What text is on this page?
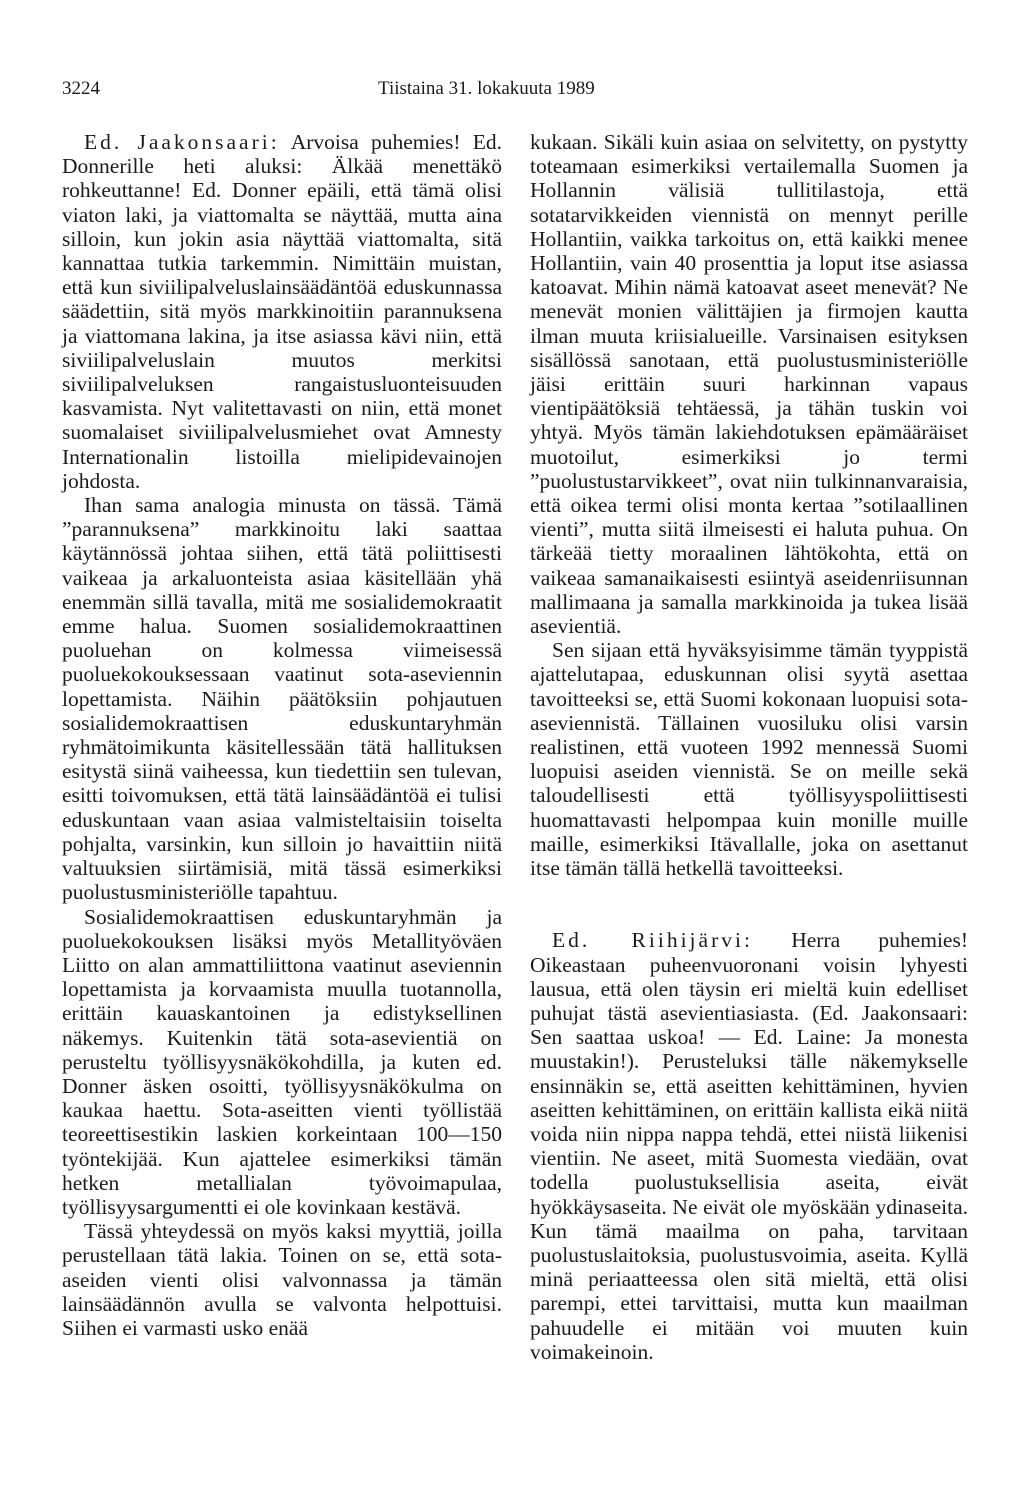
3224	Tiistaina 31. lokakuuta 1989

Ed. Jaakonsaari: Arvoisa puhemies! Ed. Donnerille heti aluksi: Älkää menettäkö rohkeuttanne! Ed. Donner epäili, että tämä olisi viaton laki, ja viattomalta se näyttää, mutta aina silloin, kun jokin asia näyttää viattomalta, sitä kannattaa tutkia tarkemmin. Nimittäin muistan, että kun siviilipalveluslainsäädäntöä eduskunnassa säädettiin, sitä myös markkinoitiin parannuksena ja viattomana lakina, ja itse asiassa kävi niin, että siviilipalveluslain muutos merkitsi siviilipalveluksen rangaistusluonteisuuden kasvamista. Nyt valitettavasti on niin, että monet suomalaiset siviilipalvelusmiehet ovat Amnesty Internationalin listoilla mielipidevainojen johdosta.

Ihan sama analogia minusta on tässä. Tämä ”parannuksena” markkinoitu laki saattaa käytännössä johtaa siihen, että tätä poliittisesti vaikeaa ja arkaluonteista asiaa käsitellään yhä enemmän sillä tavalla, mitä me sosialidemokraatit emme halua. Suomen sosialidemokraattinen puoluehan on kolmessa viimeisessä puoluekokouksessaan vaatinut sota-aseviennin lopettamista. Näihin päätöksiin pohjautuen sosialidemokraattisen eduskuntaryhmän ryhmätoimikunta käsitellessään tätä hallituksen esitystä siinä vaiheessa, kun tiedettiin sen tulevan, esitti toivomuksen, että tätä lainsäädäntöä ei tulisi eduskuntaan vaan asiaa valmisteltaisiin toiselta pohjalta, varsinkin, kun silloin jo havaittiin niitä valtuuksien siirtämisiä, mitä tässä esimerkiksi puolustusministeriölle tapahtuu.

Sosialidemokraattisen eduskuntaryhmän ja puoluekokouksen lisäksi myös Metallityöväen Liitto on alan ammattiliittona vaatinut aseviennin lopettamista ja korvaamista muulla tuotannolla, erittäin kauaskantoinen ja edistyksellinen näkemys. Kuitenkin tätä sota-asevientiä on perusteltu työllisyysnäkökohdilla, ja kuten ed. Donner äsken osoitti, työllisyysnäkökulma on kaukaa haettu. Sota-aseitten vienti työllistää teoreettisestikin laskien korkeintaan 100—150 työntekijää. Kun ajattelee esimerkiksi tämän hetken metallialan työvoimapulaa, työllisyysargumentti ei ole kovinkaan kestävä.

Tässä yhteydessä on myös kaksi myyttiä, joilla perustellaan tätä lakia. Toinen on se, että sota-aseiden vienti olisi valvonnassa ja tämän lainsäädännön avulla se valvonta helpottuisi. Siihen ei varmasti usko enää

kukaan. Sikäli kuin asiaa on selvitetty, on pystytty toteamaan esimerkiksi vertailemalla Suomen ja Hollannin välisiä tullitilastoja, että sotatarvikkeiden viennistä on mennyt perille Hollantiin, vaikka tarkoitus on, että kaikki menee Hollantiin, vain 40 prosenttia ja loput itse asiassa katoavat. Mihin nämä katoavat aseet menevät? Ne menevät monien välittäjien ja firmojen kautta ilman muuta kriisialueille. Varsinaisen esityksen sisällössä sanotaan, että puolustusministeriölle jäisi erittäin suuri harkinnan vapaus vientipäätöksiä tehtäessä, ja tähän tuskin voi yhtyä. Myös tämän lakiehdotuksen epämääräiset muotoilut, esimerkiksi jo termi ”puolustustarvikkeet”, ovat niin tulkinnanvaraisia, että oikea termi olisi monta kertaa ”sotilaallinen vienti”, mutta siitä ilmeisesti ei haluta puhua. On tärkeää tietty moraalinen lähtökohta, että on vaikeaa samanaikaisesti esiintyä aseidenriisunnan mallimaana ja samalla markkinoida ja tukea lisää asevientiä.

Sen sijaan että hyväksyisimme tämän tyyppistä ajattelutapaa, eduskunnan olisi syytä asettaa tavoitteeksi se, että Suomi kokonaan luopuisi sota-aseviennistä. Tällainen vuosiluku olisi varsin realistinen, että vuoteen 1992 mennessä Suomi luopuisi aseiden viennistä. Se on meille sekä taloudellisesti että työllisyyspoliittisesti huomattavasti helpompaa kuin monille muille maille, esimerkiksi Itävallalle, joka on asettanut itse tämän tällä hetkellä tavoitteeksi.

Ed. Riihijärvi: Herra puhemies! Oikeastaan puheenvuoronani voisin lyhyesti lausua, että olen täysin eri mieltä kuin edelliset puhujat tästä asevientiasiasta. (Ed. Jaakonsaari: Sen saattaa uskoa! — Ed. Laine: Ja monesta muustakin!). Perusteluksi tälle näkemykselle ensinnäkin se, että aseitten kehittäminen, hyvien aseitten kehittäminen, on erittäin kallista eikä niitä voida niin nippa nappa tehdä, ettei niistä liikenisi vientiin. Ne aseet, mitä Suomesta viedään, ovat todella puolustuksellisia aseita, eivät hyökkäysaseita. Ne eivät ole myöskään ydinaseita. Kun tämä maailma on paha, tarvitaan puolustuslaitoksia, puolustusvoimia, aseita. Kyllä minä periaatteessa olen sitä mieltä, että olisi parempi, ettei tarvittaisi, mutta kun maailman pahuudelle ei mitään voi muuten kuin voimakeinoin.
